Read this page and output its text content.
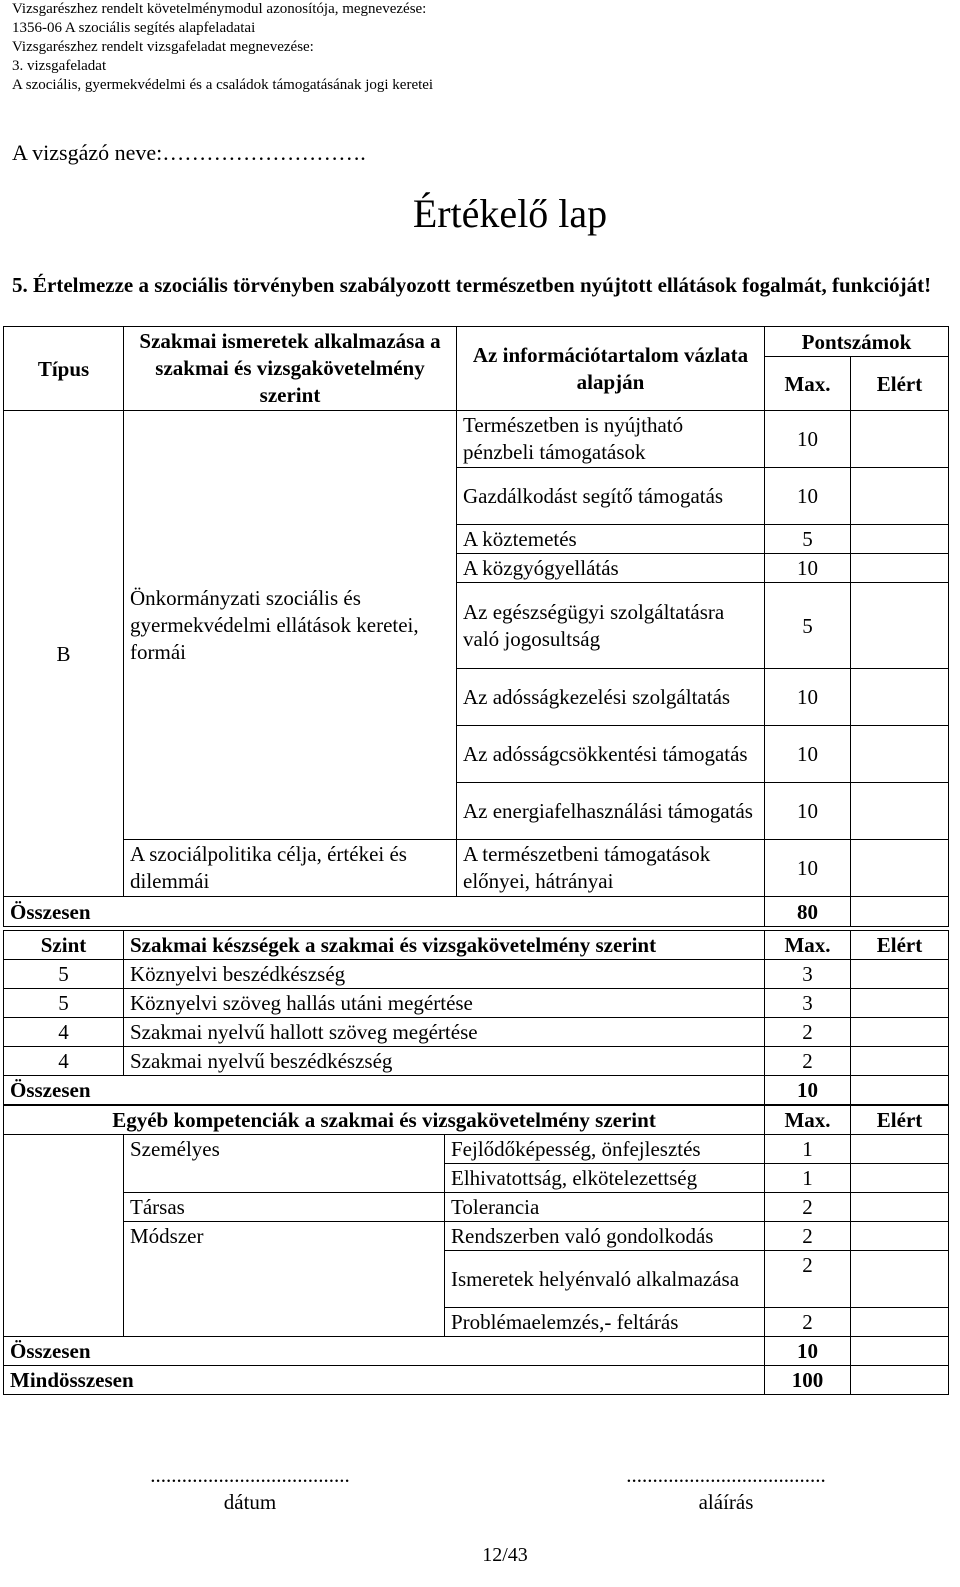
Vizsgarészhez rendelt követelménymodul azonosítója, megnevezése:
1356-06 A szociális segítés alapfeladatai
Vizsgarészhez rendelt vizsgafeladat megnevezése:
3. vizsgafeladat
A szociális, gyermekvédelmi és a családok támogatásának jogi keretei
A vizsgázó neve:……………………….
Értékelő lap
5. Értelmezze a szociális törvényben szabályozott természetben nyújtott ellátások fogalmát, funkcióját!
Típus	Szakmai ismeretek alkalmazása a szakmai és vizsgakövetelmény szerint	Az információtartalom vázlata alapján	Pontszámok	
			Max.	Elért
B	Önkormányzati szociális és gyermekvédelmi ellátások keretei, formái	Természetben is nyújtható pénzbeli támogatások	10	
		Gazdálkodást segítő támogatás	10	
		A köztemetés	5	
		A közgyógyellátás	10	
		Az egészségügyi szolgáltatásra való jogosultság	5	
		Az adósságkezelési szolgáltatás	10	
		Az adósságcsökkentési támogatás	10	
		Az energiafelhasználási támogatás	10	
	A szociálpolitika célja, értékei és dilemmái	A természetbeni támogatások előnyei, hátrányai	10	
Összesen			80	
Szint	Szakmai készségek a szakmai és vizsgakövetelmény szerint	Max.	Elért
5	Köznyelvi beszédkészség	3	
5	Köznyelvi szöveg hallás utáni megértése	3	
4	Szakmai nyelvű hallott szöveg megértése	2	
4	Szakmai nyelvű beszédkészség	2	
Összesen		10	
Egyéb kompetenciák a szakmai és vizsgakövetelmény szerint			Max.	Elért
	Személyes	Fejlődőképesség, önfejlesztés	1	
		Elhivatottság, elkötelezettség	1	
	Társas	Tolerancia	2	
	Módszer	Rendszerben való gondolkodás	2	
		Ismeretek helyénvaló alkalmazása	2	
		Problémaelemzés,- feltárás	2	
Összesen			10	
Mindösszesen			100	
......................................
dátum
......................................
aláírás
12/43
